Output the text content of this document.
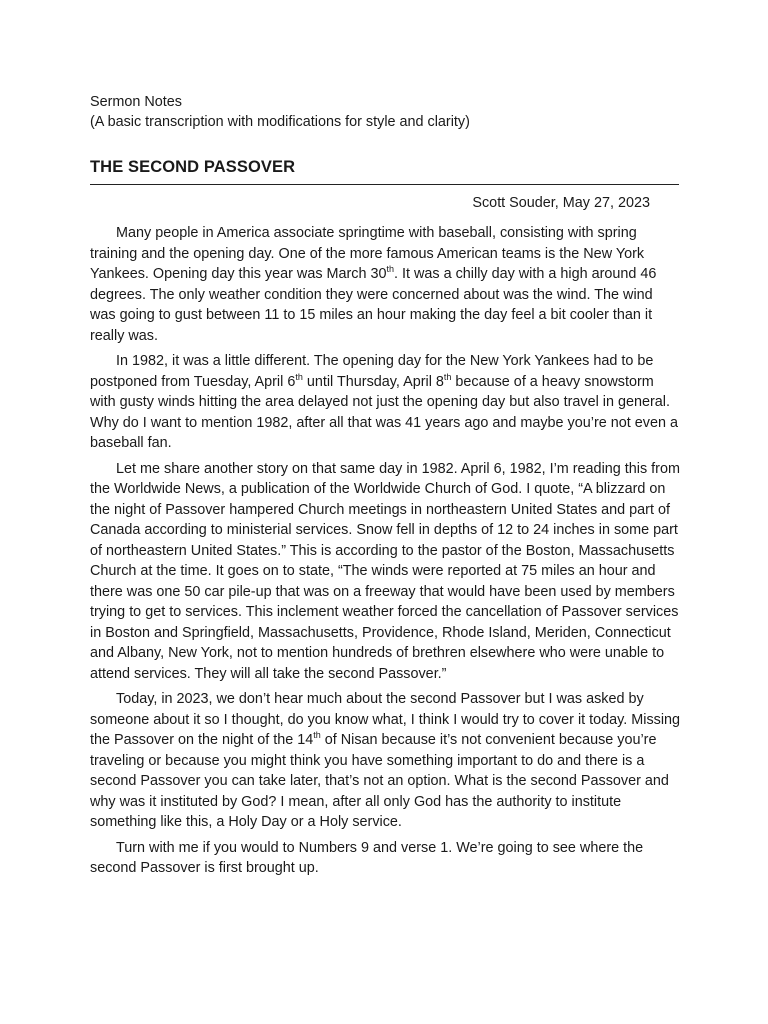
Sermon Notes
(A basic transcription with modifications for style and clarity)
THE SECOND PASSOVER
Scott Souder, May 27, 2023

Many people in America associate springtime with baseball, consisting with spring training and the opening day. One of the more famous American teams is the New York Yankees. Opening day this year was March 30th. It was a chilly day with a high around 46 degrees. The only weather condition they were concerned about was the wind. The wind was going to gust between 11 to 15 miles an hour making the day feel a bit cooler than it really was.

In 1982, it was a little different. The opening day for the New York Yankees had to be postponed from Tuesday, April 6th until Thursday, April 8th because of a heavy snowstorm with gusty winds hitting the area delayed not just the opening day but also travel in general. Why do I want to mention 1982, after all that was 41 years ago and maybe you’re not even a baseball fan.

Let me share another story on that same day in 1982. April 6, 1982, I’m reading this from the Worldwide News, a publication of the Worldwide Church of God. I quote, “A blizzard on the night of Passover hampered Church meetings in northeastern United States and part of Canada according to ministerial services. Snow fell in depths of 12 to 24 inches in some part of northeastern United States.” This is according to the pastor of the Boston, Massachusetts Church at the time. It goes on to state, “The winds were reported at 75 miles an hour and there was one 50 car pile-up that was on a freeway that would have been used by members trying to get to services. This inclement weather forced the cancellation of Passover services in Boston and Springfield, Massachusetts, Providence, Rhode Island, Meriden, Connecticut and Albany, New York, not to mention hundreds of brethren elsewhere who were unable to attend services. They will all take the second Passover.”

Today, in 2023, we don’t hear much about the second Passover but I was asked by someone about it so I thought, do you know what, I think I would try to cover it today. Missing the Passover on the night of the 14th of Nisan because it’s not convenient because you’re traveling or because you might think you have something important to do and there is a second Passover you can take later, that’s not an option. What is the second Passover and why was it instituted by God? I mean, after all only God has the authority to institute something like this, a Holy Day or a Holy service.

Turn with me if you would to Numbers 9 and verse 1. We’re going to see where the second Passover is first brought up.
